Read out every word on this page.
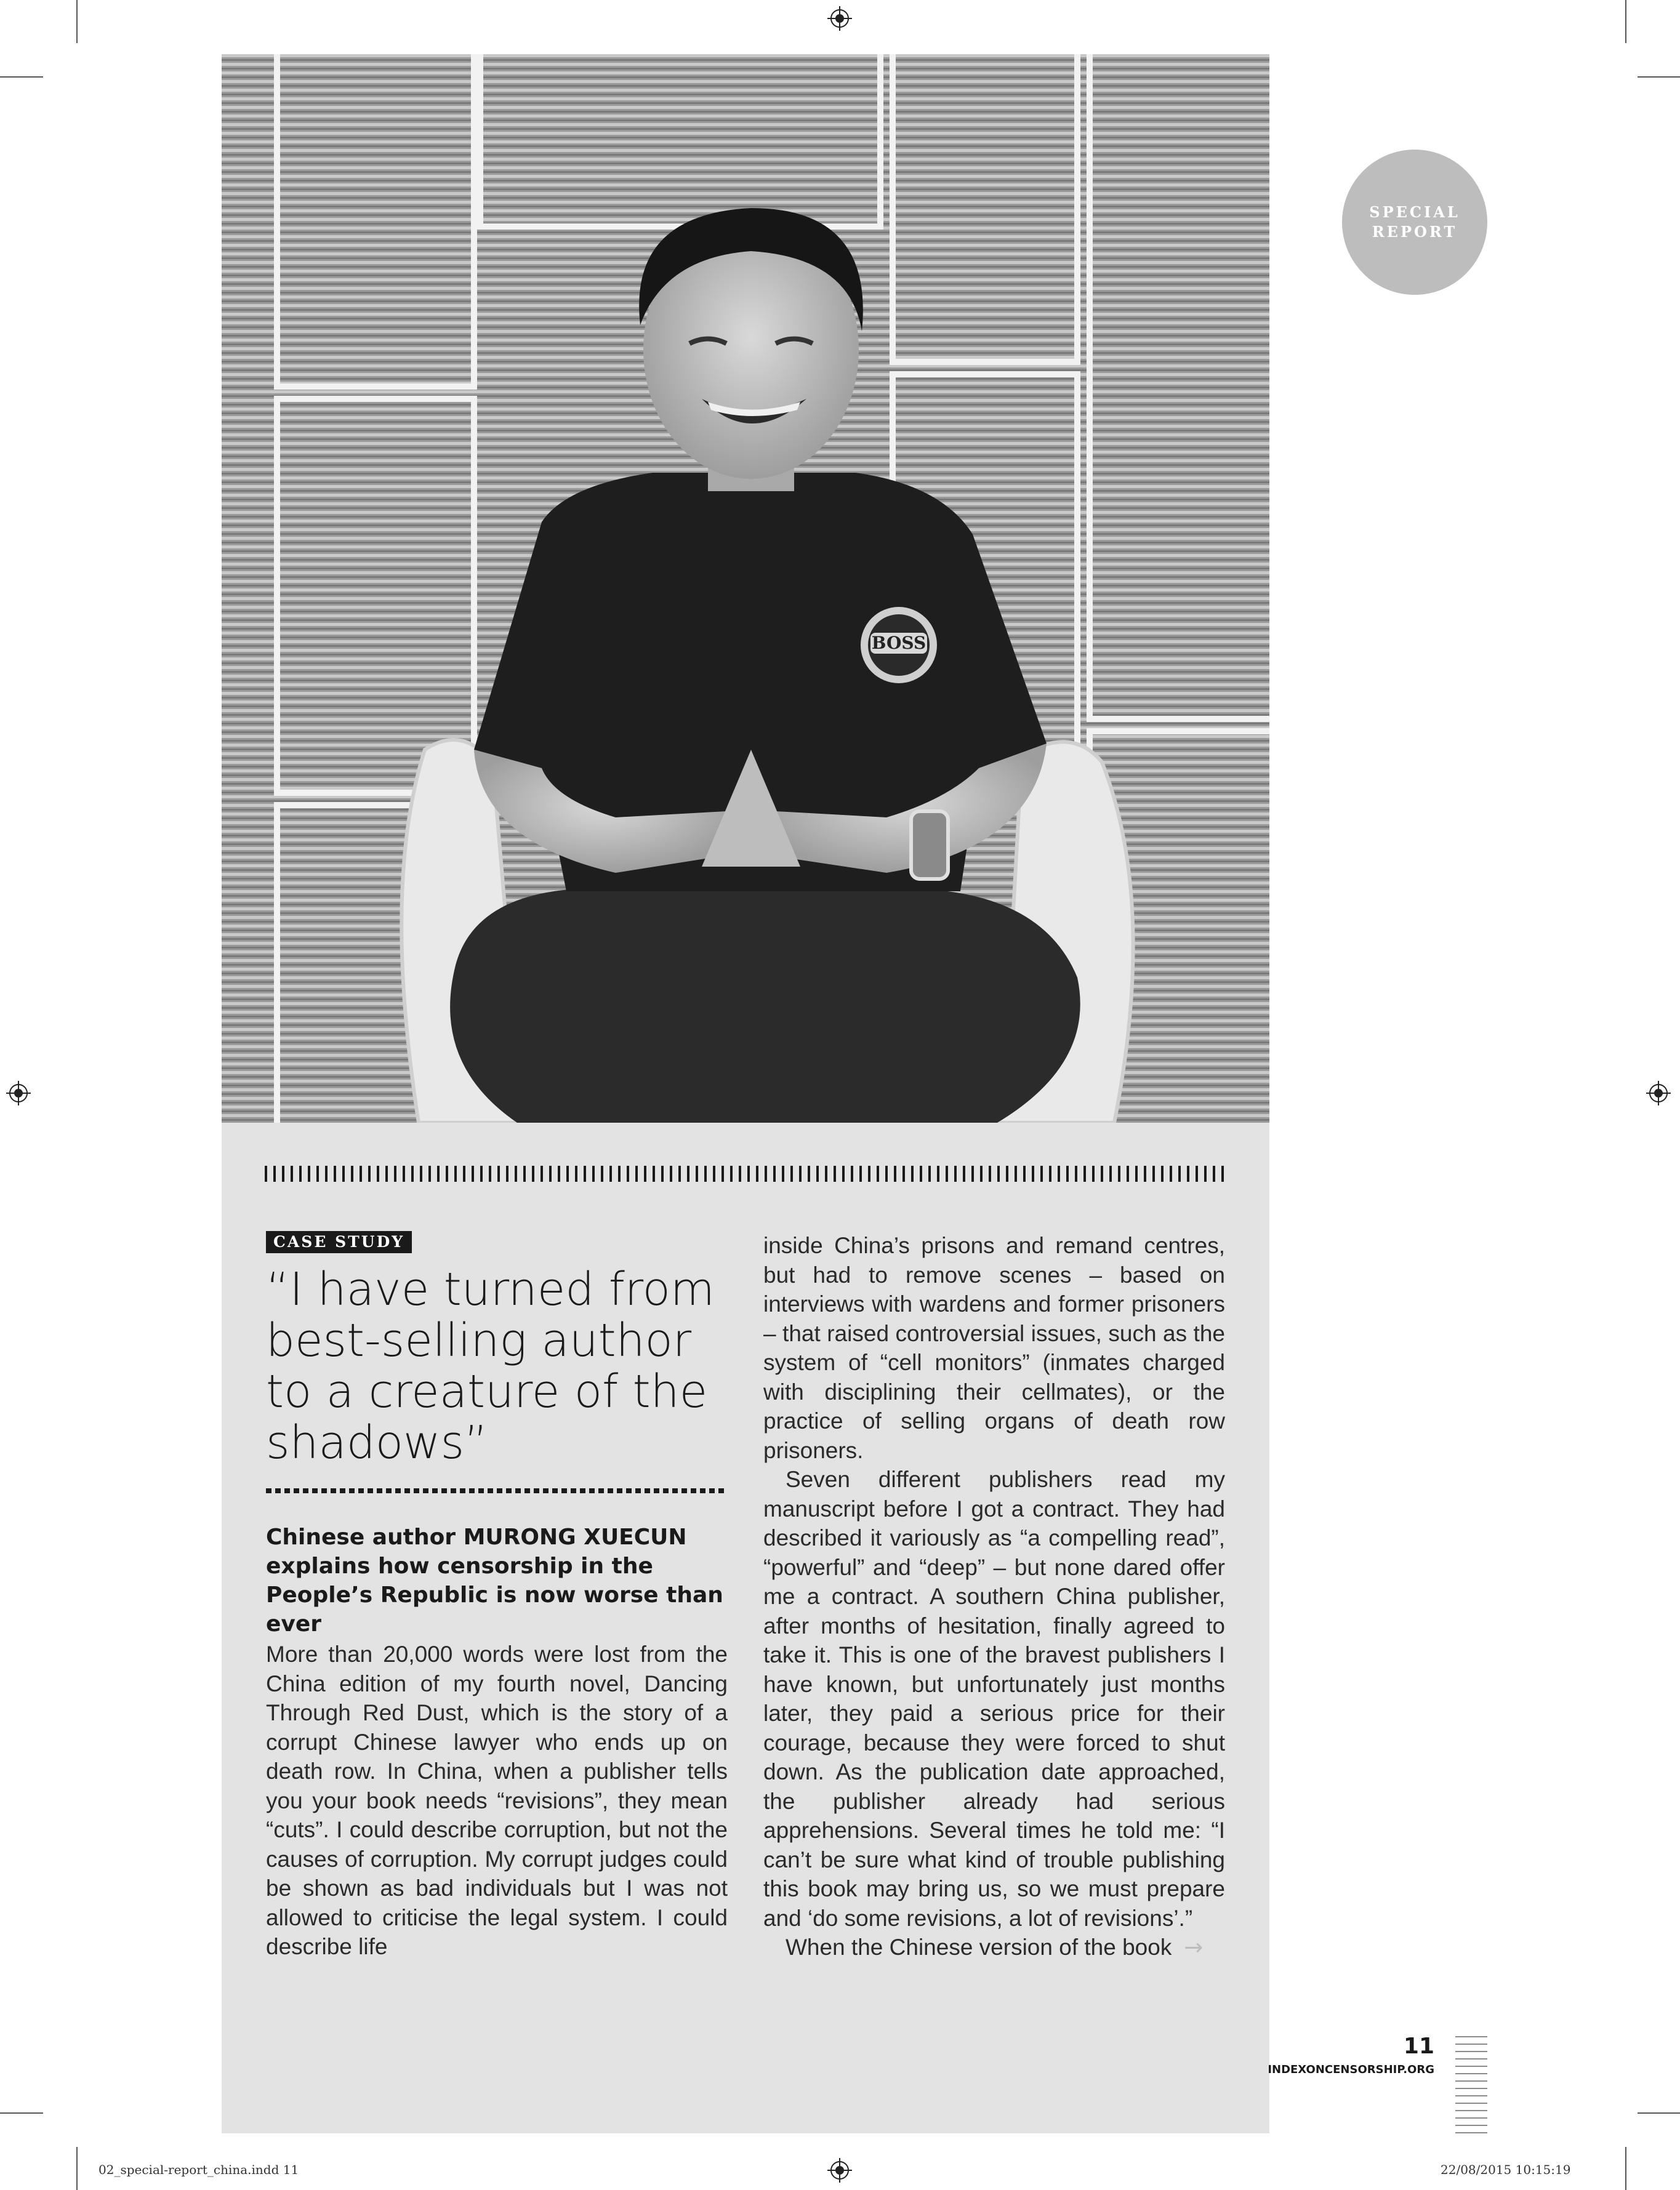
BOSS
SPECIAL
REPORT
CASE STUDY
“I have turned from best-selling author to a creature of the shadows”
Chinese author MURONG XUECUN explains how censorship in the People’s Republic is now worse than ever

More than 20,000 words were lost from the China edition of my fourth novel, Dancing Through Red Dust, which is the story of a corrupt Chinese lawyer who ends up on death row. In China, when a publisher tells you your book needs “revisions”, they mean “cuts”. I could describe corruption, but not the causes of corruption. My corrupt judges could be shown as bad individuals but I was not allowed to criticise the legal system. I could describe life

inside China’s prisons and remand centres, but had to remove scenes – based on interviews with wardens and former prisoners – that raised controversial issues, such as the system of “cell monitors” (inmates charged with disciplining their cellmates), or the practice of selling organs of death row prisoners.

Seven different publishers read my manuscript before I got a contract. They had described it variously as “a compelling read”, “powerful” and “deep” – but none dared offer me a contract. A southern China publisher, after months of hesitation, finally agreed to take it. This is one of the bravest publishers I have known, but unfortunately just months later, they paid a serious price for their courage, because they were forced to shut down. As the publication date approached, the publisher already had serious apprehensions. Several times he told me: “I can’t be sure what kind of trouble publishing this book may bring us, so we must prepare and ‘do some revisions, a lot of revisions’.”

When the Chinese version of the book →

11
INDEXONCENSORSHIP.ORG
02_special-report_china.indd 11	22/08/2015 10:15:19
